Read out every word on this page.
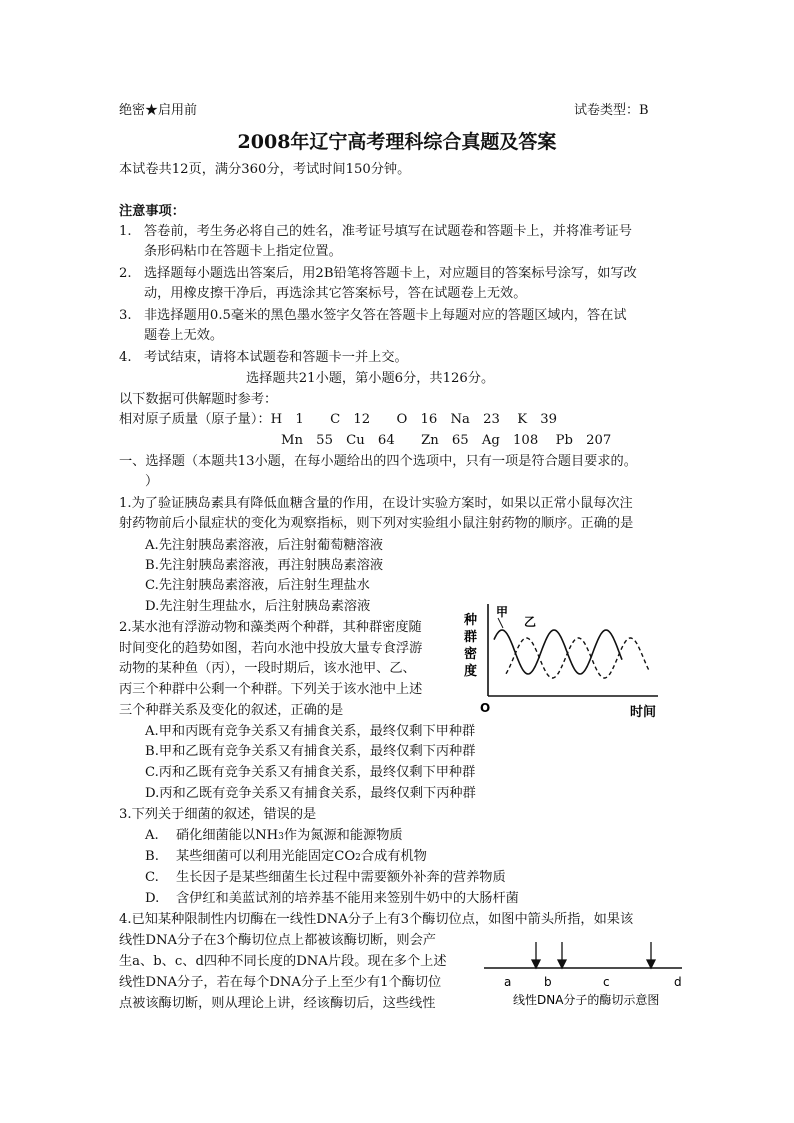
绝密★启用前	试卷类型：B
2008年辽宁高考理科综合真题及答案
本试卷共12页，满分360分，考试时间150分钟。
注意事项：
1. 答卷前，考生务必将自己的姓名，准考证号填写在试题卷和答题卡上，并将准考证号
条形码粘巾在答题卡上指定位置。
2. 选择题每小题选出答案后，用2B铅笔将答题卡上，对应题目的答案标号涂写，如写改
动，用橡皮擦干净后，再选涂其它答案标号，答在试题卷上无效。
3. 非选择题用0.5毫米的黑色墨水签字夂答在答题卡上每题对应的答题区域内，答在试
题卷上无效。
4. 考试结束，请将本试题卷和答题卡一并上交。
选择题共21小题，第小题6分，共126分。
以下数据可供解题时参考：
相对原子质量（原子量）：H　1　　C　12　　O　16　Na　23　 K　39
Mn　55　Cu　64　　Zn　65　Ag　108　 Pb　207
一、选择题（本题共13小题，在每小题给出的四个选项中，只有一项是符合题目要求的。
）
1.为了验证胰岛素具有降低血糖含量的作用，在设计实验方案时，如果以正常小鼠每次注
射药物前后小鼠症状的变化为观察指标，则下列对实验组小鼠注射药物的顺序。正确的是
A.先注射胰岛素溶液，后注射葡萄糖溶液
B.先注射胰岛素溶液，再注射胰岛素溶液
C.先注射胰岛素溶液，后注射生理盐水
D.先注射生理盐水，后注射胰岛素溶液
2.某水池有浮游动物和藻类两个种群，其种群密度随
时间变化的趋势如图，若向水池中投放大量专食浮游
动物的某种鱼（丙），一段时期后，该水池甲、乙、
丙三个种群中公剩一个种群。下列关于该水池中上述
三个种群关系及变化的叙述，正确的是
A.甲和丙既有竞争关系又有捕食关系，最终仅剩下甲种群
B.甲和乙既有竞争关系又有捕食关系，最终仅剩下丙种群
C.丙和乙既有竞争关系又有捕食关系，最终仅剩下甲种群
D.丙和乙既有竞争关系又有捕食关系，最终仅剩下丙种群
种
群
密
度
O	时间
甲
乙
3.下列关于细菌的叙述，错误的是
A. 硝化细菌能以NH3作为氮源和能源物质
B. 某些细菌可以利用光能固定CO2合成有机物
C. 生长因子是某些细菌生长过程中需要额外补奔的营养物质
D. 含伊红和美蓝试剂的培养基不能用来签别牛奶中的大肠杆菌
4.已知某种限制性内切酶在一线性DNA分子上有3个酶切位点，如图中箭头所指，如果该
线性DNA分子在3个酶切位点上都被该酶切断，则会产
生a、b、c、d四种不同长度的DNA片段。现在多个上述
线性DNA分子，若在每个DNA分子上至少有1个酶切位
点被该酶切断，则从理论上讲，经该酶切后，这些线性
a	b	c	d
线性DNA分子的酶切示意图
